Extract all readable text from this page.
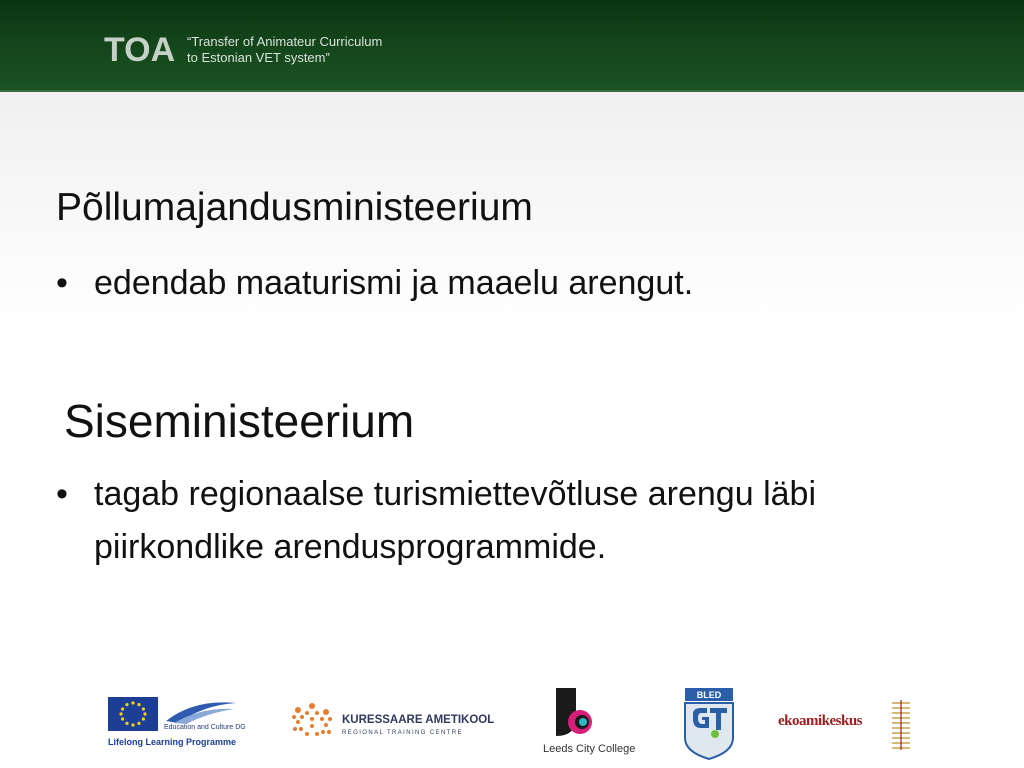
TOA “Transfer of Animateur Curriculum
to Estonian VET system”
Põllumajandusministeerium
• edendab maaturismi ja maaelu arengut.
Siseministeerium
• tagab regionaalse turismiettevõtluse arengu läbi piirkondlike arendusprogrammide.
Education and Culture DG
Lifelong Learning Programme
KURESSAARE AMETIKOOL
REGIONAL TRAINING CENTRE
Leeds City College
BLED
ekoamikeskus
